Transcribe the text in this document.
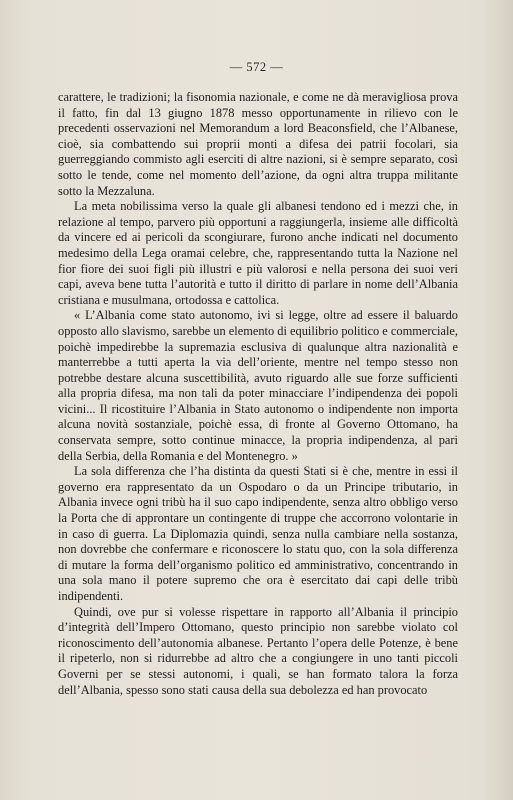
— 572 —

carattere, le tradizioni; la fisonomia nazionale, e come ne dà meravigliosa prova il fatto, fin dal 13 giugno 1878 messo opportunamente in rilievo con le precedenti osservazioni nel Memorandum a lord Beaconsfield, che l’Albanese, cioè, sia combattendo sui proprii monti a difesa dei patrii focolari, sia guerreggiando commisto agli eserciti di altre nazioni, si è sempre separato, così sotto le tende, come nel momento dell’azione, da ogni altra truppa militante sotto la Mezzaluna.

La meta nobilissima verso la quale gli albanesi tendono ed i mezzi che, in relazione al tempo, parvero più opportuni a raggiungerla, insieme alle difficoltà da vincere ed ai pericoli da scongiurare, furono anche indicati nel documento medesimo della Lega oramai celebre, che, rappresentando tutta la Nazione nel fior fiore dei suoi figli più illustri e più valorosi e nella persona dei suoi veri capi, aveva bene tutta l’autorità e tutto il diritto di parlare in nome dell’Albania cristiana e musulmana, ortodossa e cattolica.

« L’Albania come stato autonomo, ivi si legge, oltre ad essere il baluardo opposto allo slavismo, sarebbe un elemento di equilibrio politico e commerciale, poichè impedirebbe la supremazia esclusiva di qualunque altra nazionalità e manterrebbe a tutti aperta la via dell’oriente, mentre nel tempo stesso non potrebbe destare alcuna suscettibilità, avuto riguardo alle sue forze sufficienti alla propria difesa, ma non tali da poter minacciare l’indipendenza dei popoli vicini... Il ricostituire l’Albania in Stato autonomo o indipendente non importa alcuna novità sostanziale, poichè essa, di fronte al Governo Ottomano, ha conservata sempre, sotto continue minacce, la propria indipendenza, al pari della Serbia, della Romania e del Montenegro. »

La sola differenza che l’ha distinta da questi Stati si è che, mentre in essi il governo era rappresentato da un Ospodaro o da un Principe tributario, in Albania invece ogni tribù ha il suo capo indipendente, senza altro obbligo verso la Porta che di approntare un contingente di truppe che accorrono volontarie in in caso di guerra. La Diplomazia quindi, senza nulla cambiare nella sostanza, non dovrebbe che confermare e riconoscere lo statu quo, con la sola differenza di mutare la forma dell’organismo politico ed amministrativo, concentrando in una sola mano il potere supremo che ora è esercitato dai capi delle tribù indipendenti.

Quindi, ove pur si volesse rispettare in rapporto all’Albania il principio d’integrità dell’Impero Ottomano, questo principio non sarebbe violato col riconoscimento dell’autonomia albanese. Pertanto l’opera delle Potenze, è bene il ripeterlo, non si ridurrebbe ad altro che a congiungere in uno tanti piccoli Governi per se stessi autonomi, i quali, se han formato talora la forza dell’Albania, spesso sono stati causa della sua debolezza ed han provocato
